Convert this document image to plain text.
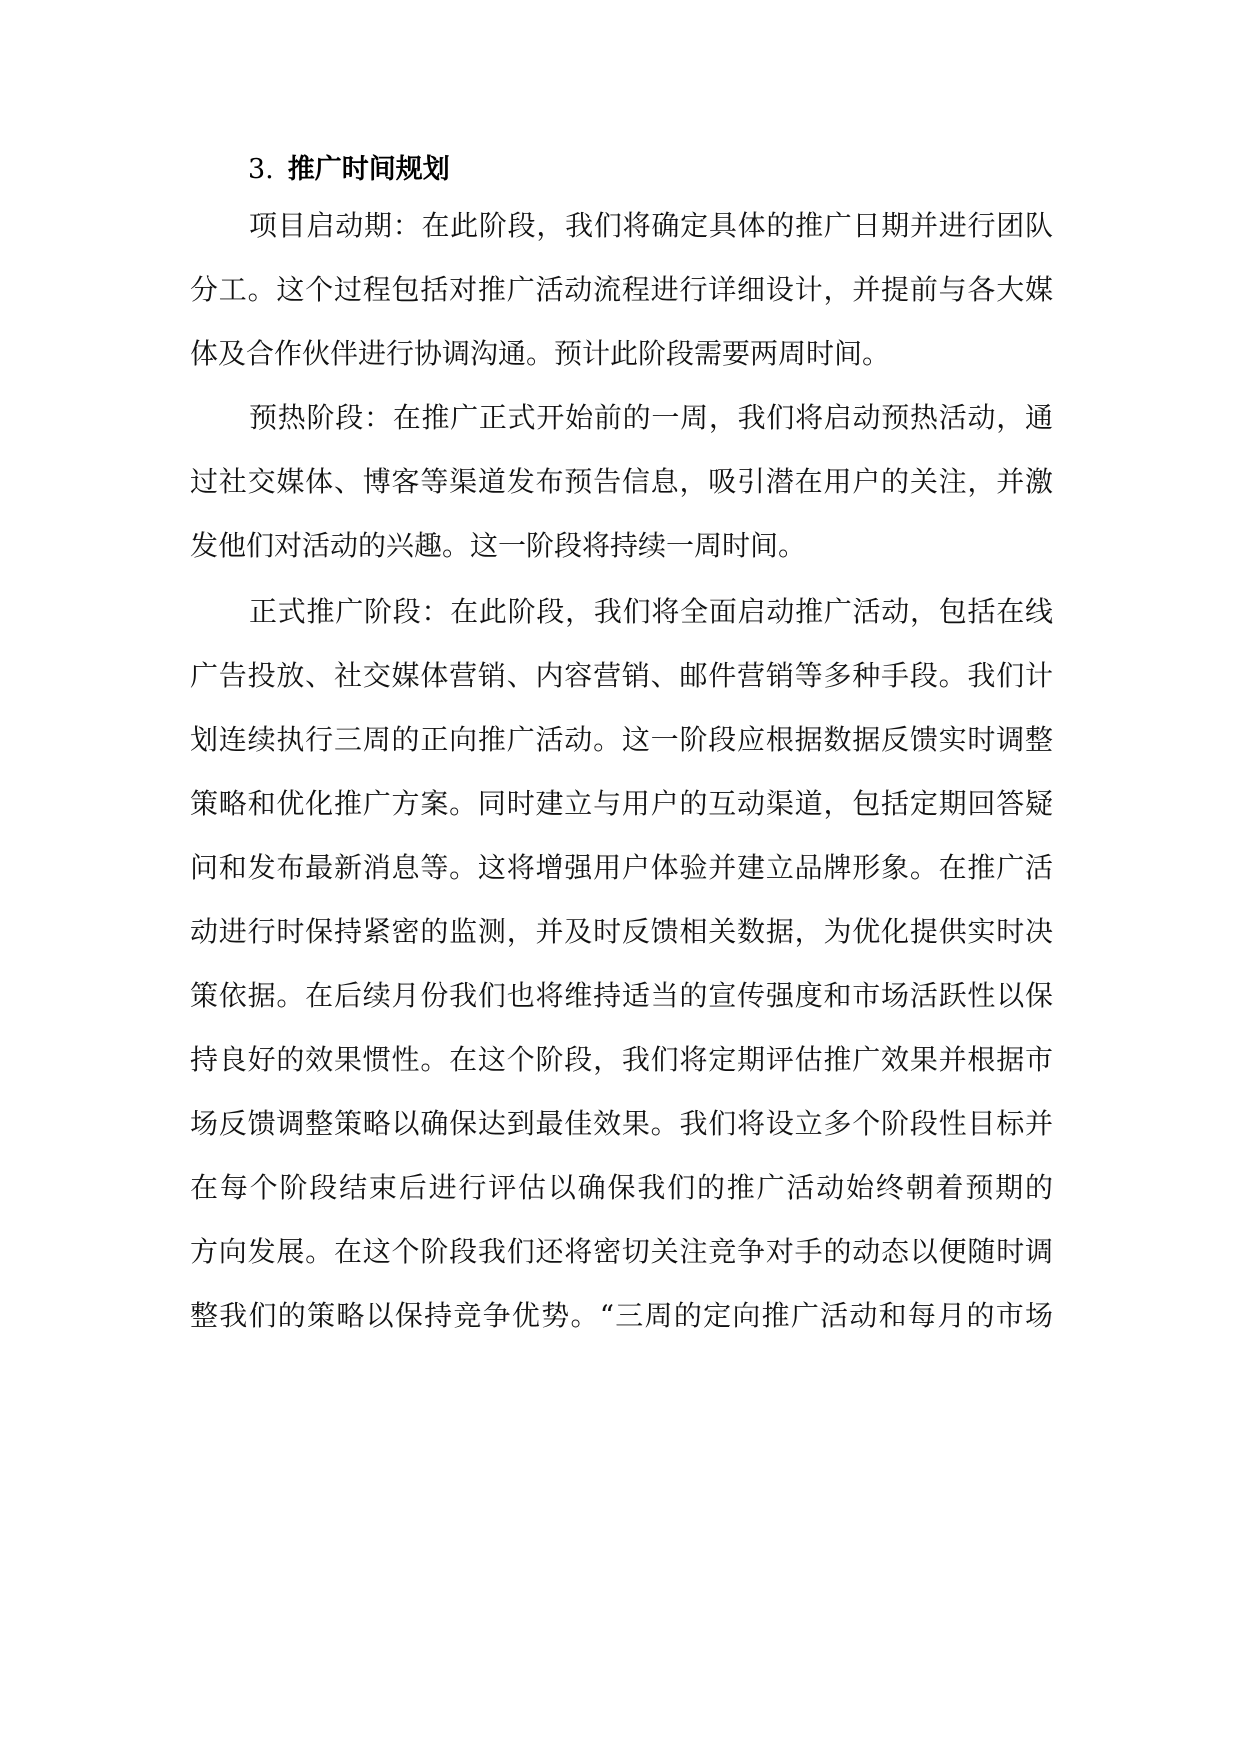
3. 推广时间规划
项目启动期：在此阶段，我们将确定具体的推广日期并进行团队
分工。这个过程包括对推广活动流程进行详细设计，并提前与各大媒
体及合作伙伴进行协调沟通。预计此阶段需要两周时间。
预热阶段：在推广正式开始前的一周，我们将启动预热活动，通
过社交媒体、博客等渠道发布预告信息，吸引潜在用户的关注，并激
发他们对活动的兴趣。这一阶段将持续一周时间。
正式推广阶段：在此阶段，我们将全面启动推广活动，包括在线
广告投放、社交媒体营销、内容营销、邮件营销等多种手段。我们计
划连续执行三周的正向推广活动。这一阶段应根据数据反馈实时调整
策略和优化推广方案。同时建立与用户的互动渠道，包括定期回答疑
问和发布最新消息等。这将增强用户体验并建立品牌形象。在推广活
动进行时保持紧密的监测，并及时反馈相关数据，为优化提供实时决
策依据。在后续月份我们也将维持适当的宣传强度和市场活跃性以保
持良好的效果惯性。在这个阶段，我们将定期评估推广效果并根据市
场反馈调整策略以确保达到最佳效果。我们将设立多个阶段性目标并
在每个阶段结束后进行评估以确保我们的推广活动始终朝着预期的
方向发展。在这个阶段我们还将密切关注竞争对手的动态以便随时调
整我们的策略以保持竞争优势。“三周的定向推广活动和每月的市场
